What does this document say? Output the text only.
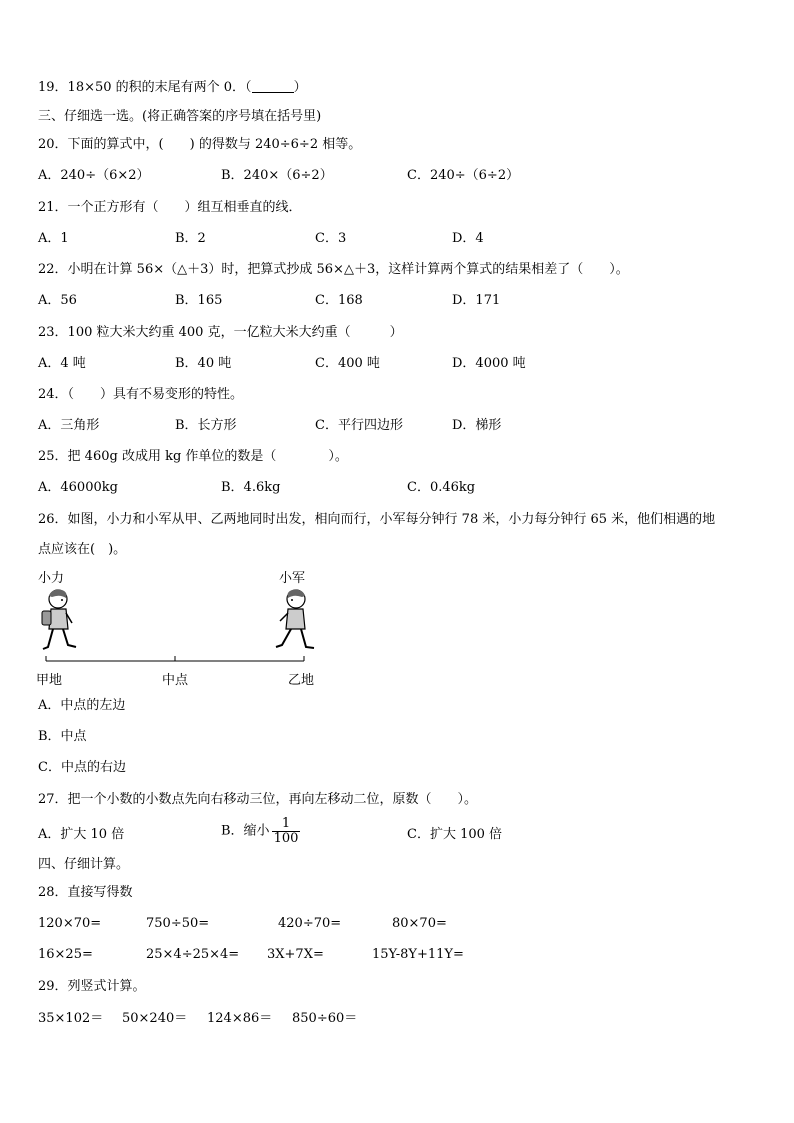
19．18×50 的积的末尾有两个 0．（	）
三、仔细选一选。(将正确答案的序号填在括号里)
20．下面的算式中，(　　) 的得数与 240÷6÷2 相等。
A．240÷（6×2）	B．240×（6÷2）	C．240÷（6÷2）
21．一个正方形有（　　）组互相垂直的线．
A．1	B．2	C．3	D．4
22．小明在计算 56×（△＋3）时，把算式抄成 56×△＋3，这样计算两个算式的结果相差了（　　）。
A．56	B．165	C．168	D．171
23．100 粒大米大约重 400 克，一亿粒大米大约重（　　　）
A．4 吨	B．40 吨	C．400 吨	D．4000 吨
24．（　　）具有不易变形的特性。
A．三角形	B．长方形	C．平行四边形	D．梯形
25．把 460g 改成用 kg 作单位的数是（　　　　）。
A．46000kg	B．4.6kg	C．0.46kg
26．如图，小力和小军从甲、乙两地同时出发，相向而行，小军每分钟行 78 米，小力每分钟行 65 米，他们相遇的地
点应该在(　)。
小力	小军
甲地	中点	乙地
A．中点的左边
B．中点
C．中点的右边
27．把一个小数的小数点先向右移动三位，再向左移动二位，原数（　　）。
A．扩大 10 倍	B．缩小 $\frac{1}{100}$	C．扩大 100 倍
四、仔细计算。
28．直接写得数
120×70=	750÷50=	420÷70=	80×70=
16×25=	25×4÷25×4= 3X+7X=	15Y-8Y+11Y=
29．列竖式计算。
35×102＝ 50×240＝ 124×86＝ 850÷60＝
